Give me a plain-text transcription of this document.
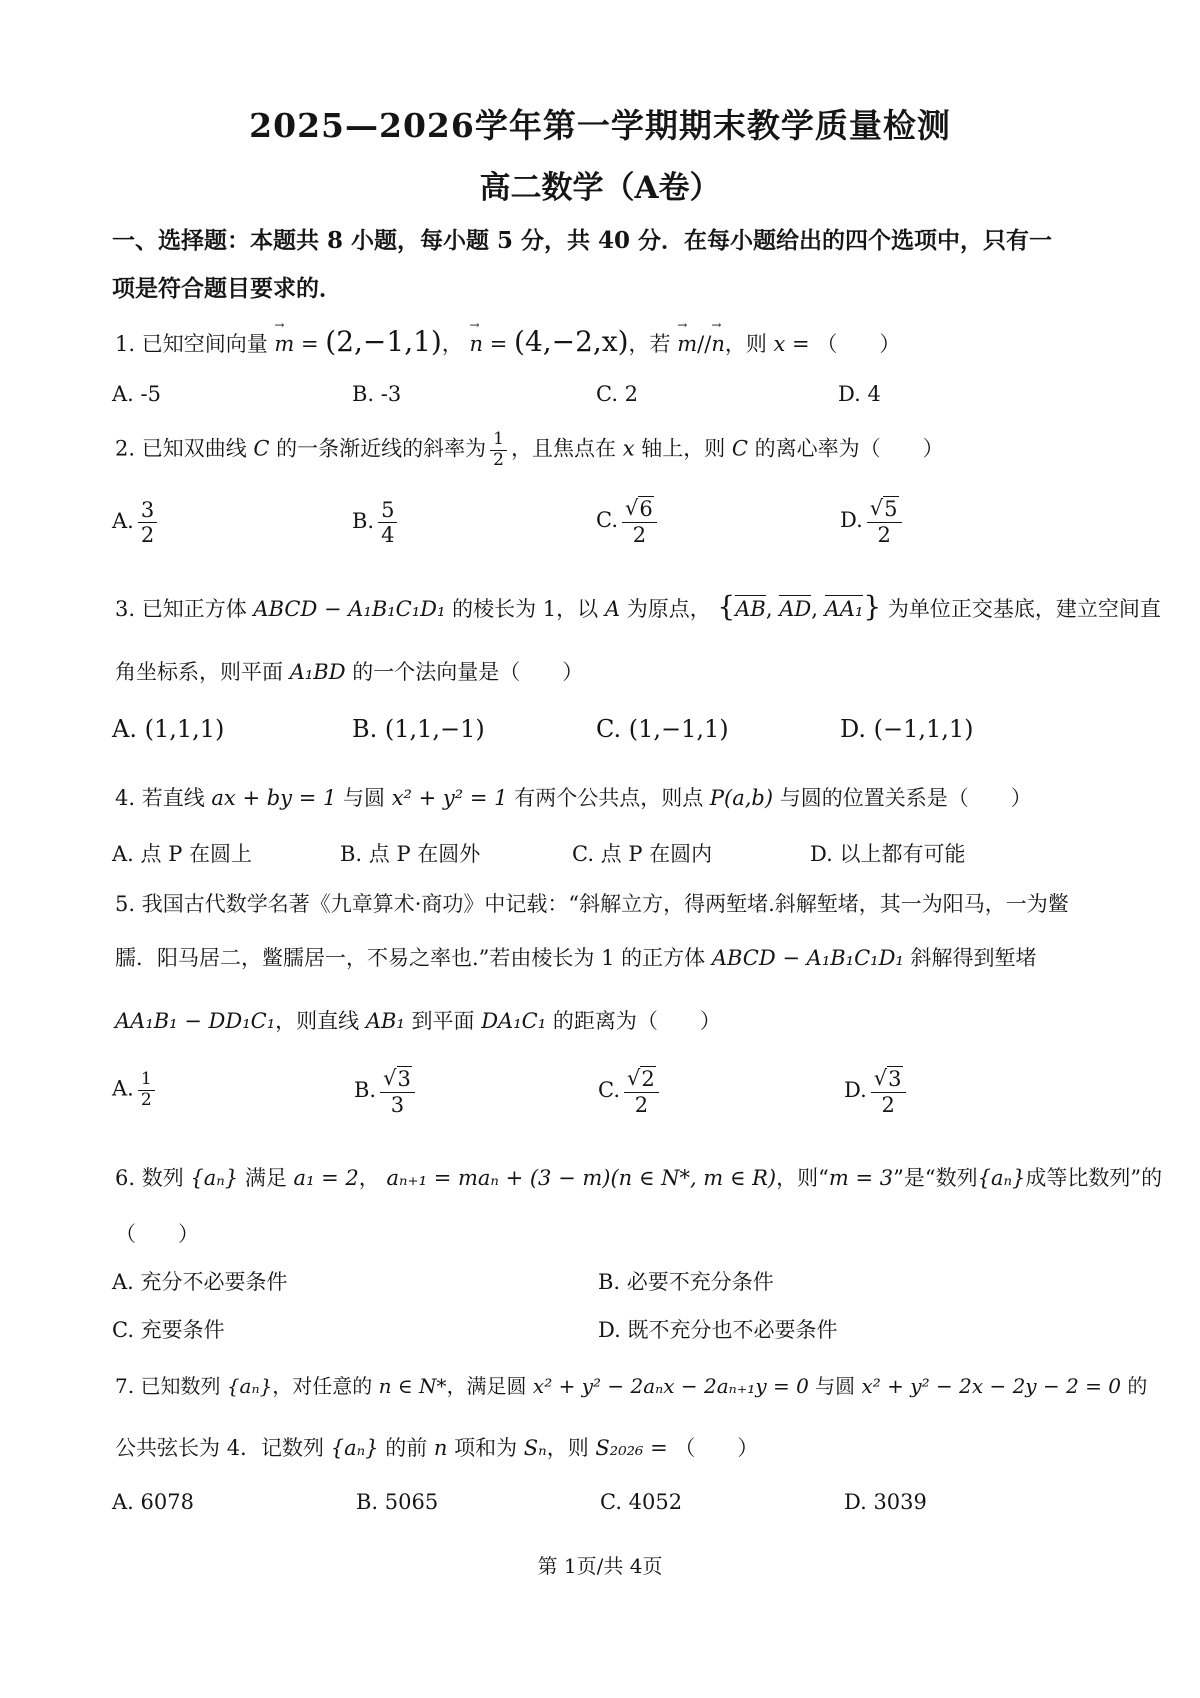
2025—2026学年第一学期期末教学质量检测
高二数学（A卷）
一、选择题：本题共 8 小题，每小题 5 分，共 40 分．在每小题给出的四个选项中，只有一
项是符合题目要求的．
1. 已知空间向量 → m = (2,−1,1)， → n = (4,−2,x)，若 → m//→ n，则 x = （　　）
A. -5	B. -3	C. 2	D. 4
2. 已知双曲线 C 的一条渐近线的斜率为 $\frac{1}{2}$ ，且焦点在 x 轴上，则 C 的离心率为（　　）
A. $\frac{3}{2}$	B. $\frac{5}{4}$	C. $\frac{√ 6}{2}$	D. $\frac{√ 5}{2}$
3. 已知正方体 ABCD − A₁B₁C₁D₁ 的棱长为 1，以 A 为原点， {AB, AD, AA₁} 为单位正交基底，建立空间直
角坐标系，则平面 A₁BD 的一个法向量是（　　）
A. (1,1,1)	B. (1,1,−1)	C. (1,−1,1)	D. (−1,1,1)
4. 若直线 ax + by = 1 与圆 x² + y² = 1 有两个公共点，则点 P(a,b) 与圆的位置关系是（　　）
A. 点 P 在圆上	B. 点 P 在圆外	C. 点 P 在圆内	D. 以上都有可能
5. 我国古代数学名著《九章算术·商功》中记载：“斜解立方，得两堑堵.斜解堑堵，其一为阳马，一为鳖
臑．阳马居二，鳖臑居一，不易之率也.”若由棱长为 1 的正方体 ABCD − A₁B₁C₁D₁ 斜解得到堑堵
AA₁B₁ − DD₁C₁，则直线 AB₁ 到平面 DA₁C₁ 的距离为（　　）
A. $\frac{1}{2}$	B. $\frac{√ 3}{3}$	C. $\frac{√ 2}{2}$	D. $\frac{√ 3}{2}$
6. 数列 {aₙ} 满足 a₁ = 2， aₙ₊₁ = maₙ + (3 − m)(n ∈ N*, m ∈ R)，则“m = 3”是“数列{aₙ}成等比数列”的
（　　）
A. 充分不必要条件	B. 必要不充分条件
C. 充要条件	D. 既不充分也不必要条件
7. 已知数列 {aₙ}，对任意的 n ∈ N*，满足圆 x² + y² − 2aₙx − 2aₙ₊₁y = 0 与圆 x² + y² − 2x − 2y − 2 = 0 的
公共弦长为 4．记数列 {aₙ} 的前 n 项和为 Sₙ，则 S₂₀₂₆ = （　　）
A. 6078	B. 5065	C. 4052	D. 3039
第 1页/共 4页
